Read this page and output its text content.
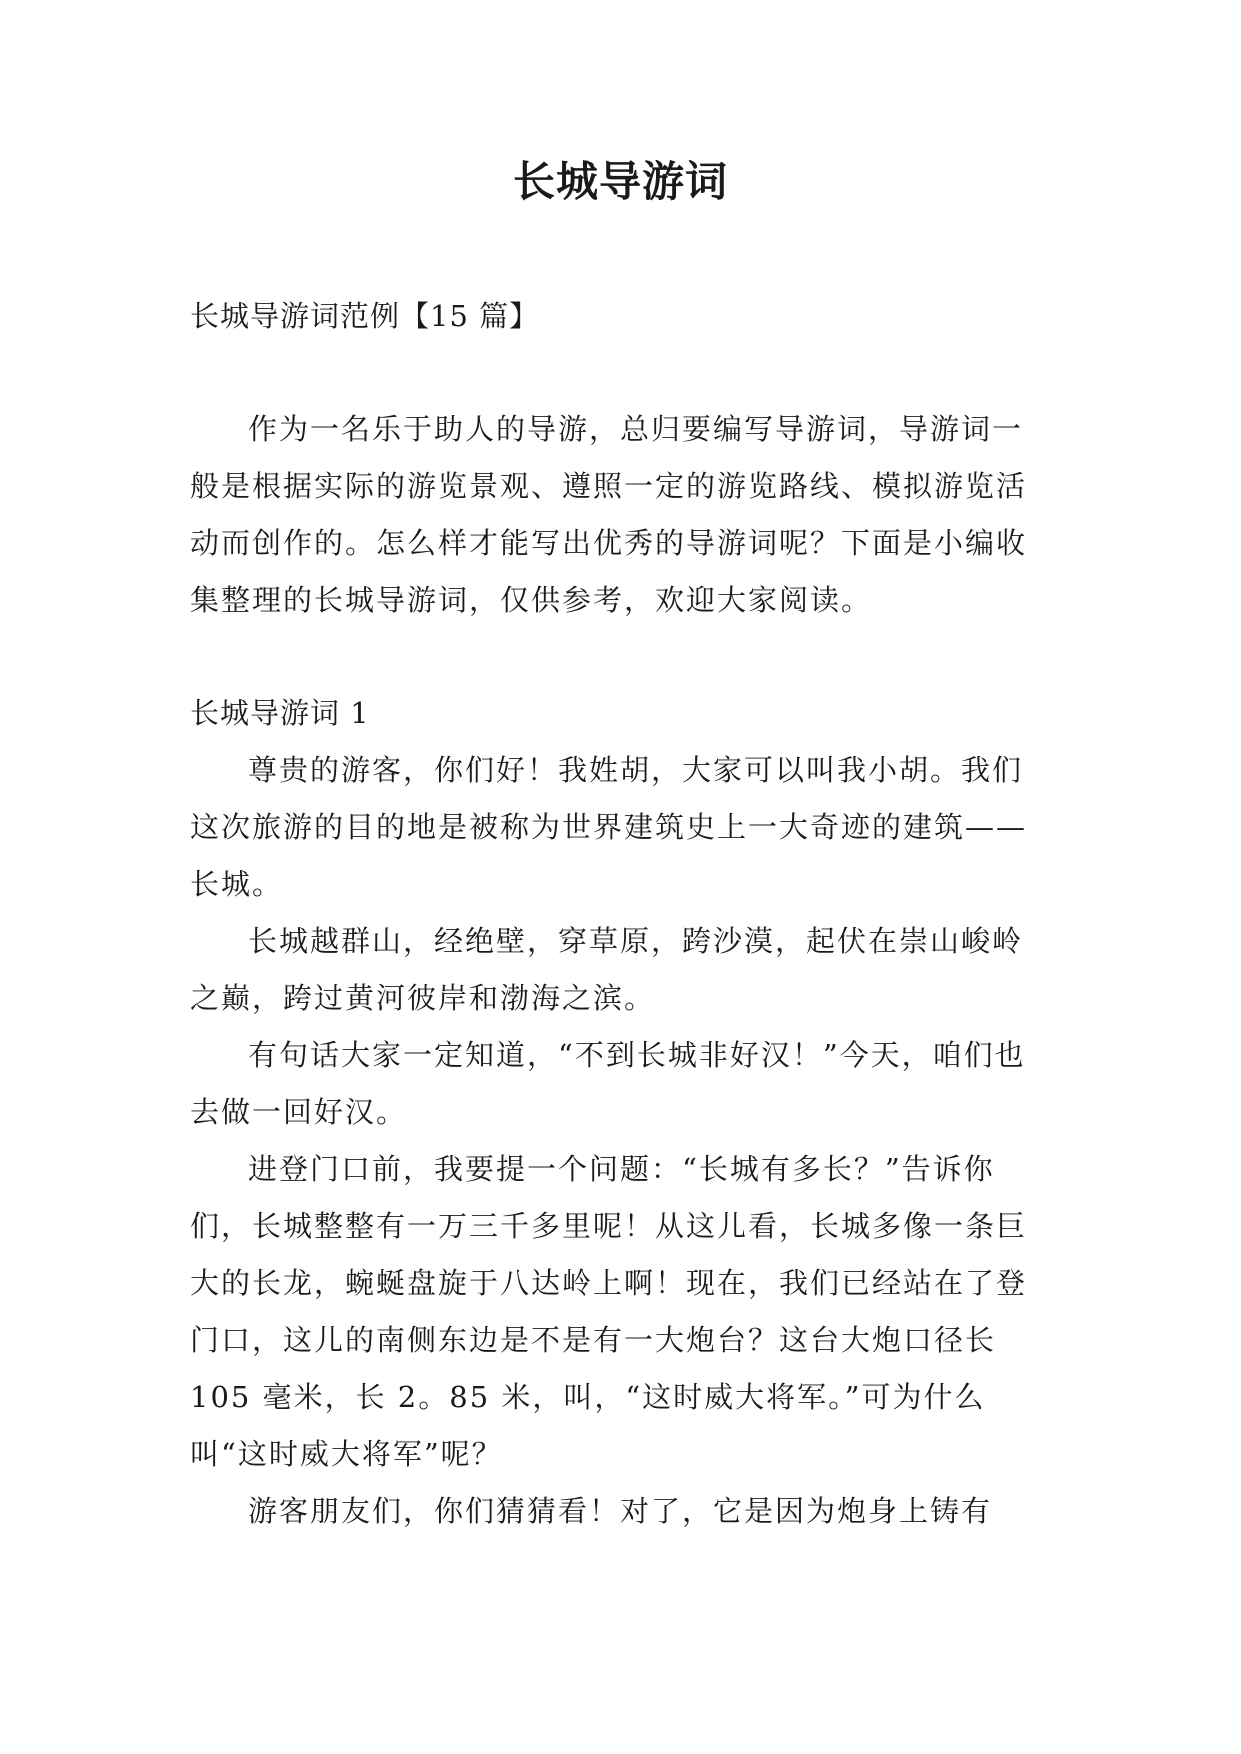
长城导游词

长城导游词范例【15 篇】

作为一名乐于助人的导游，总归要编写导游词，导游词一般是根据实际的游览景观、遵照一定的游览路线、模拟游览活动而创作的。怎么样才能写出优秀的导游词呢？下面是小编收集整理的长城导游词，仅供参考，欢迎大家阅读。

长城导游词 1

尊贵的游客，你们好！我姓胡，大家可以叫我小胡。我们这次旅游的目的地是被称为世界建筑史上一大奇迹的建筑——长城。

长城越群山，经绝壁，穿草原，跨沙漠，起伏在崇山峻岭之巅，跨过黄河彼岸和渤海之滨。

有句话大家一定知道，“不到长城非好汉！”今天，咱们也去做一回好汉。

进登门口前，我要提一个问题：“长城有多长？”告诉你们，长城整整有一万三千多里呢！从这儿看，长城多像一条巨大的长龙，蜿蜒盘旋于八达岭上啊！现在，我们已经站在了登门口，这儿的南侧东边是不是有一大炮台？这台大炮口径长 105 毫米，长 2。85 米，叫，“这时威大将军。”可为什么叫“这时威大将军”呢？

游客朋友们，你们猜猜看！对了，它是因为炮身上铸有
